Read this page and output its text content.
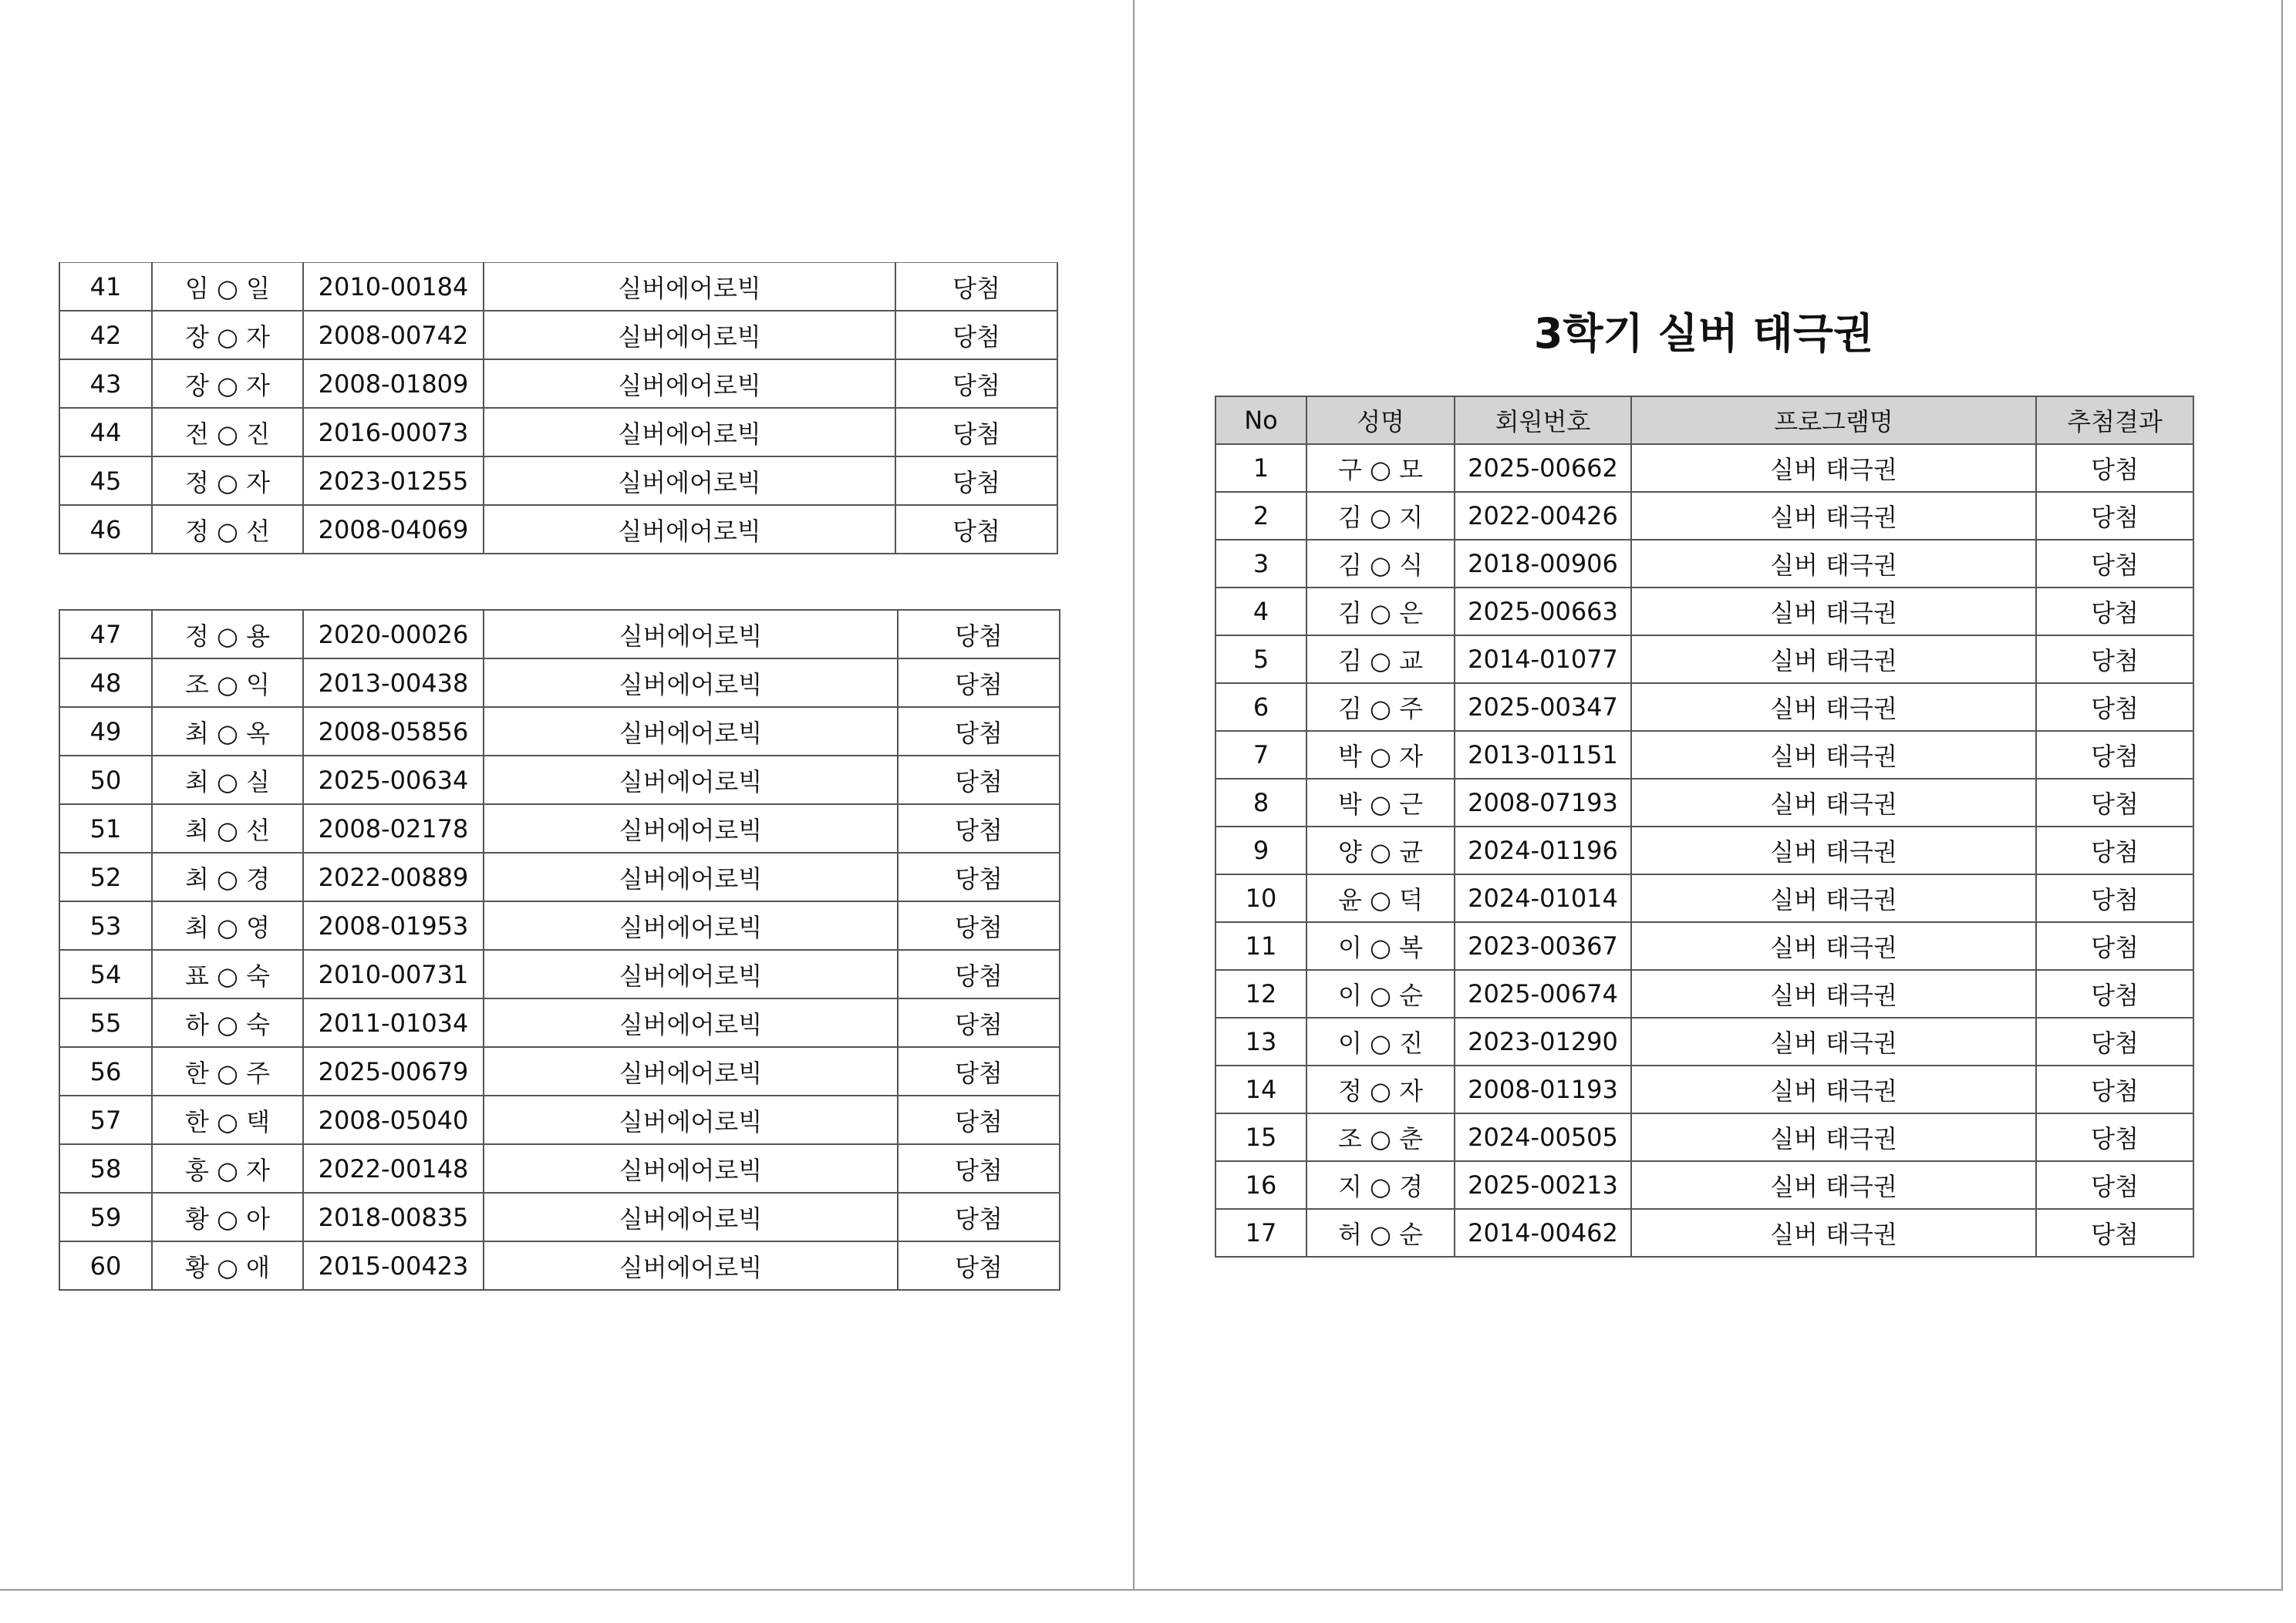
41	임 ○ 일	2010-00184	실버에어로빅	당첨
42	장 ○ 자	2008-00742	실버에어로빅	당첨
43	장 ○ 자	2008-01809	실버에어로빅	당첨
44	전 ○ 진	2016-00073	실버에어로빅	당첨
45	정 ○ 자	2023-01255	실버에어로빅	당첨
46	정 ○ 선	2008-04069	실버에어로빅	당첨
47	정 ○ 용	2020-00026	실버에어로빅	당첨
48	조 ○ 익	2013-00438	실버에어로빅	당첨
49	최 ○ 옥	2008-05856	실버에어로빅	당첨
50	최 ○ 실	2025-00634	실버에어로빅	당첨
51	최 ○ 선	2008-02178	실버에어로빅	당첨
52	최 ○ 경	2022-00889	실버에어로빅	당첨
53	최 ○ 영	2008-01953	실버에어로빅	당첨
54	표 ○ 숙	2010-00731	실버에어로빅	당첨
55	하 ○ 숙	2011-01034	실버에어로빅	당첨
56	한 ○ 주	2025-00679	실버에어로빅	당첨
57	한 ○ 택	2008-05040	실버에어로빅	당첨
58	홍 ○ 자	2022-00148	실버에어로빅	당첨
59	황 ○ 아	2018-00835	실버에어로빅	당첨
60	황 ○ 애	2015-00423	실버에어로빅	당첨
3학기 실버 태극권
No	성명	회원번호	프로그램명	추첨결과
1	구 ○ 모	2025-00662	실버 태극권	당첨
2	김 ○ 지	2022-00426	실버 태극권	당첨
3	김 ○ 식	2018-00906	실버 태극권	당첨
4	김 ○ 은	2025-00663	실버 태극권	당첨
5	김 ○ 교	2014-01077	실버 태극권	당첨
6	김 ○ 주	2025-00347	실버 태극권	당첨
7	박 ○ 자	2013-01151	실버 태극권	당첨
8	박 ○ 근	2008-07193	실버 태극권	당첨
9	양 ○ 균	2024-01196	실버 태극권	당첨
10	윤 ○ 덕	2024-01014	실버 태극권	당첨
11	이 ○ 복	2023-00367	실버 태극권	당첨
12	이 ○ 순	2025-00674	실버 태극권	당첨
13	이 ○ 진	2023-01290	실버 태극권	당첨
14	정 ○ 자	2008-01193	실버 태극권	당첨
15	조 ○ 춘	2024-00505	실버 태극권	당첨
16	지 ○ 경	2025-00213	실버 태극권	당첨
17	허 ○ 순	2014-00462	실버 태극권	당첨
